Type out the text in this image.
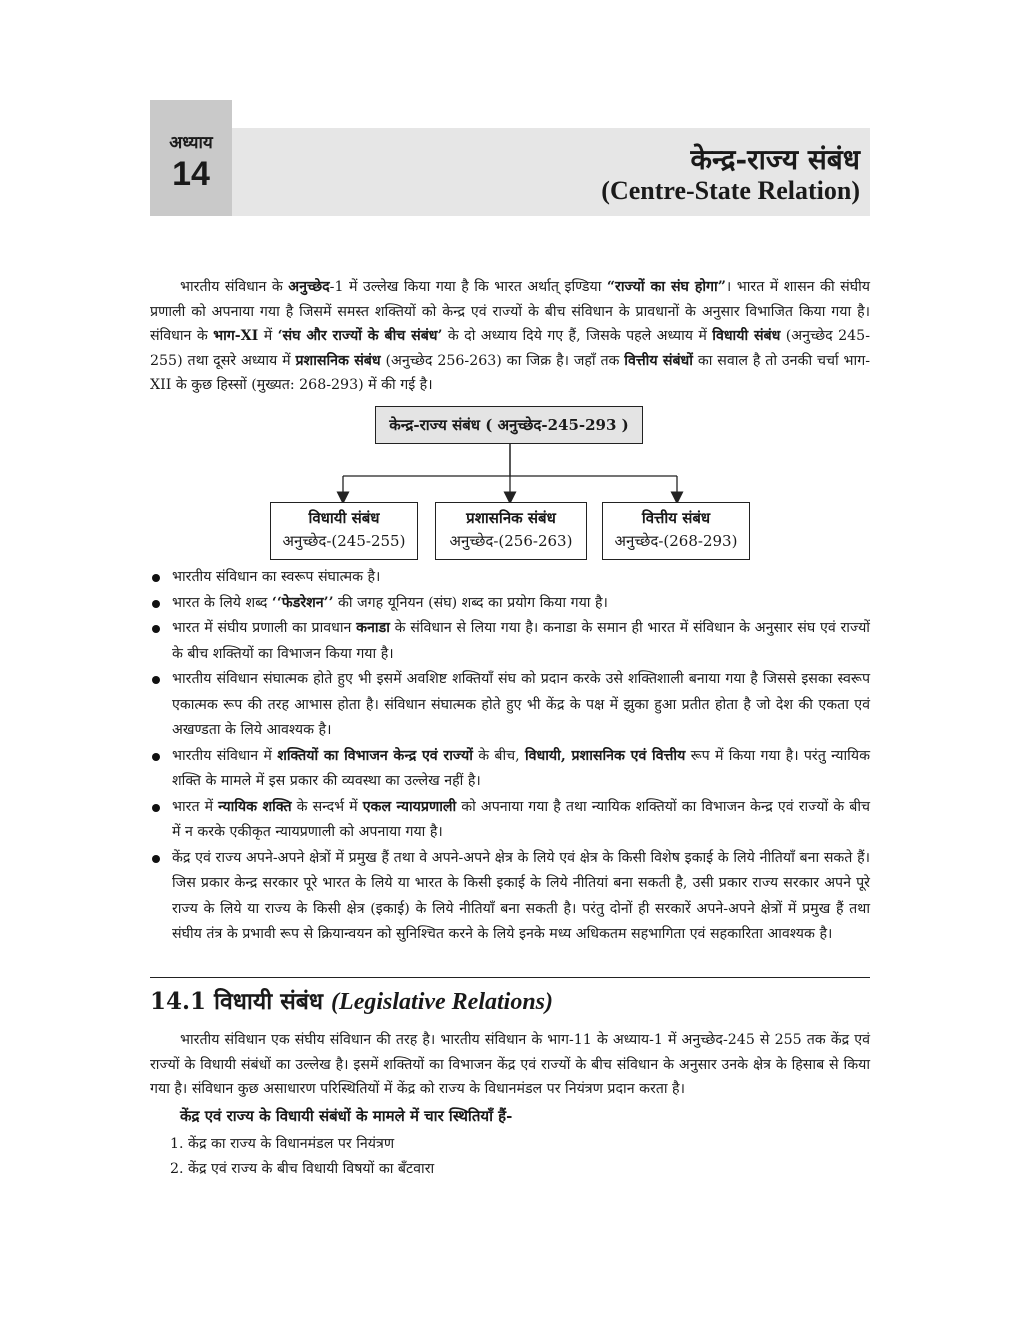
अध्याय
14	केन्द्र-राज्य संबंध
(Centre-State Relation)
भारतीय संविधान के अनुच्छेद-1 में उल्लेख किया गया है कि भारत अर्थात् इण्डिया “राज्यों का संघ होगा”। भारत में शासन की संघीय प्रणाली को अपनाया गया है जिसमें समस्त शक्तियों को केन्द्र एवं राज्यों के बीच संविधान के प्रावधानों के अनुसार विभाजित किया गया है। संविधान के भाग-XI में ‘संघ और राज्यों के बीच संबंध’ के दो अध्याय दिये गए हैं, जिसके पहले अध्याय में विधायी संबंध (अनुच्छेद 245-255) तथा दूसरे अध्याय में प्रशासनिक संबंध (अनुच्छेद 256-263) का जिक्र है। जहाँ तक वित्तीय संबंधों का सवाल है तो उनकी चर्चा भाग-XII के कुछ हिस्सों (मुख्यत: 268-293) में की गई है।
केन्द्र-राज्य संबंध ( अनुच्छेद-245-293 )
विधायी संबंध
अनुच्छेद-(245-255)
प्रशासनिक संबंध
अनुच्छेद-(256-263)
वित्तीय संबंध
अनुच्छेद-(268-293)
भारतीय संविधान का स्वरूप संघात्मक है।
भारत के लिये शब्द ‘‘फेडरेशन’’ की जगह यूनियन (संघ) शब्द का प्रयोग किया गया है।
भारत में संघीय प्रणाली का प्रावधान कनाडा के संविधान से लिया गया है। कनाडा के समान ही भारत में संविधान के अनुसार संघ एवं राज्यों के बीच शक्तियों का विभाजन किया गया है।
भारतीय संविधान संघात्मक होते हुए भी इसमें अवशिष्ट शक्तियाँ संघ को प्रदान करके उसे शक्तिशाली बनाया गया है जिससे इसका स्वरूप एकात्मक रूप की तरह आभास होता है। संविधान संघात्मक होते हुए भी केंद्र के पक्ष में झुका हुआ प्रतीत होता है जो देश की एकता एवं अखण्डता के लिये आवश्यक है।
भारतीय संविधान में शक्तियों का विभाजन केन्द्र एवं राज्यों के बीच, विधायी, प्रशासनिक एवं वित्तीय रूप में किया गया है। परंतु न्यायिक शक्ति के मामले में इस प्रकार की व्यवस्था का उल्लेख नहीं है।
भारत में न्यायिक शक्ति के सन्दर्भ में एकल न्यायप्रणाली को अपनाया गया है तथा न्यायिक शक्तियों का विभाजन केन्द्र एवं राज्यों के बीच में न करके एकीकृत न्यायप्रणाली को अपनाया गया है।
केंद्र एवं राज्य अपने-अपने क्षेत्रों में प्रमुख हैं तथा वे अपने-अपने क्षेत्र के लिये एवं क्षेत्र के किसी विशेष इकाई के लिये नीतियाँ बना सकते हैं। जिस प्रकार केन्द्र सरकार पूरे भारत के लिये या भारत के किसी इकाई के लिये नीतियां बना सकती है, उसी प्रकार राज्य सरकार अपने पूरे राज्य के लिये या राज्य के किसी क्षेत्र (इकाई) के लिये नीतियाँ बना सकती है। परंतु दोनों ही सरकारें अपने-अपने क्षेत्रों में प्रमुख हैं तथा संघीय तंत्र के प्रभावी रूप से क्रियान्वयन को सुनिश्चित करने के लिये इनके मध्य अधिकतम सहभागिता एवं सहकारिता आवश्यक है।
14.1 विधायी संबंध (Legislative Relations)
भारतीय संविधान एक संघीय संविधान की तरह है। भारतीय संविधान के भाग-11 के अध्याय-1 में अनुच्छेद-245 से 255 तक केंद्र एवं राज्यों के विधायी संबंधों का उल्लेख है। इसमें शक्तियों का विभाजन केंद्र एवं राज्यों के बीच संविधान के अनुसार उनके क्षेत्र के हिसाब से किया गया है। संविधान कुछ असाधारण परिस्थितियों में केंद्र को राज्य के विधानमंडल पर नियंत्रण प्रदान करता है।
केंद्र एवं राज्य के विधायी संबंधों के मामले में चार स्थितियाँ हैं-
1. केंद्र का राज्य के विधानमंडल पर नियंत्रण
2. केंद्र एवं राज्य के बीच विधायी विषयों का बँटवारा
